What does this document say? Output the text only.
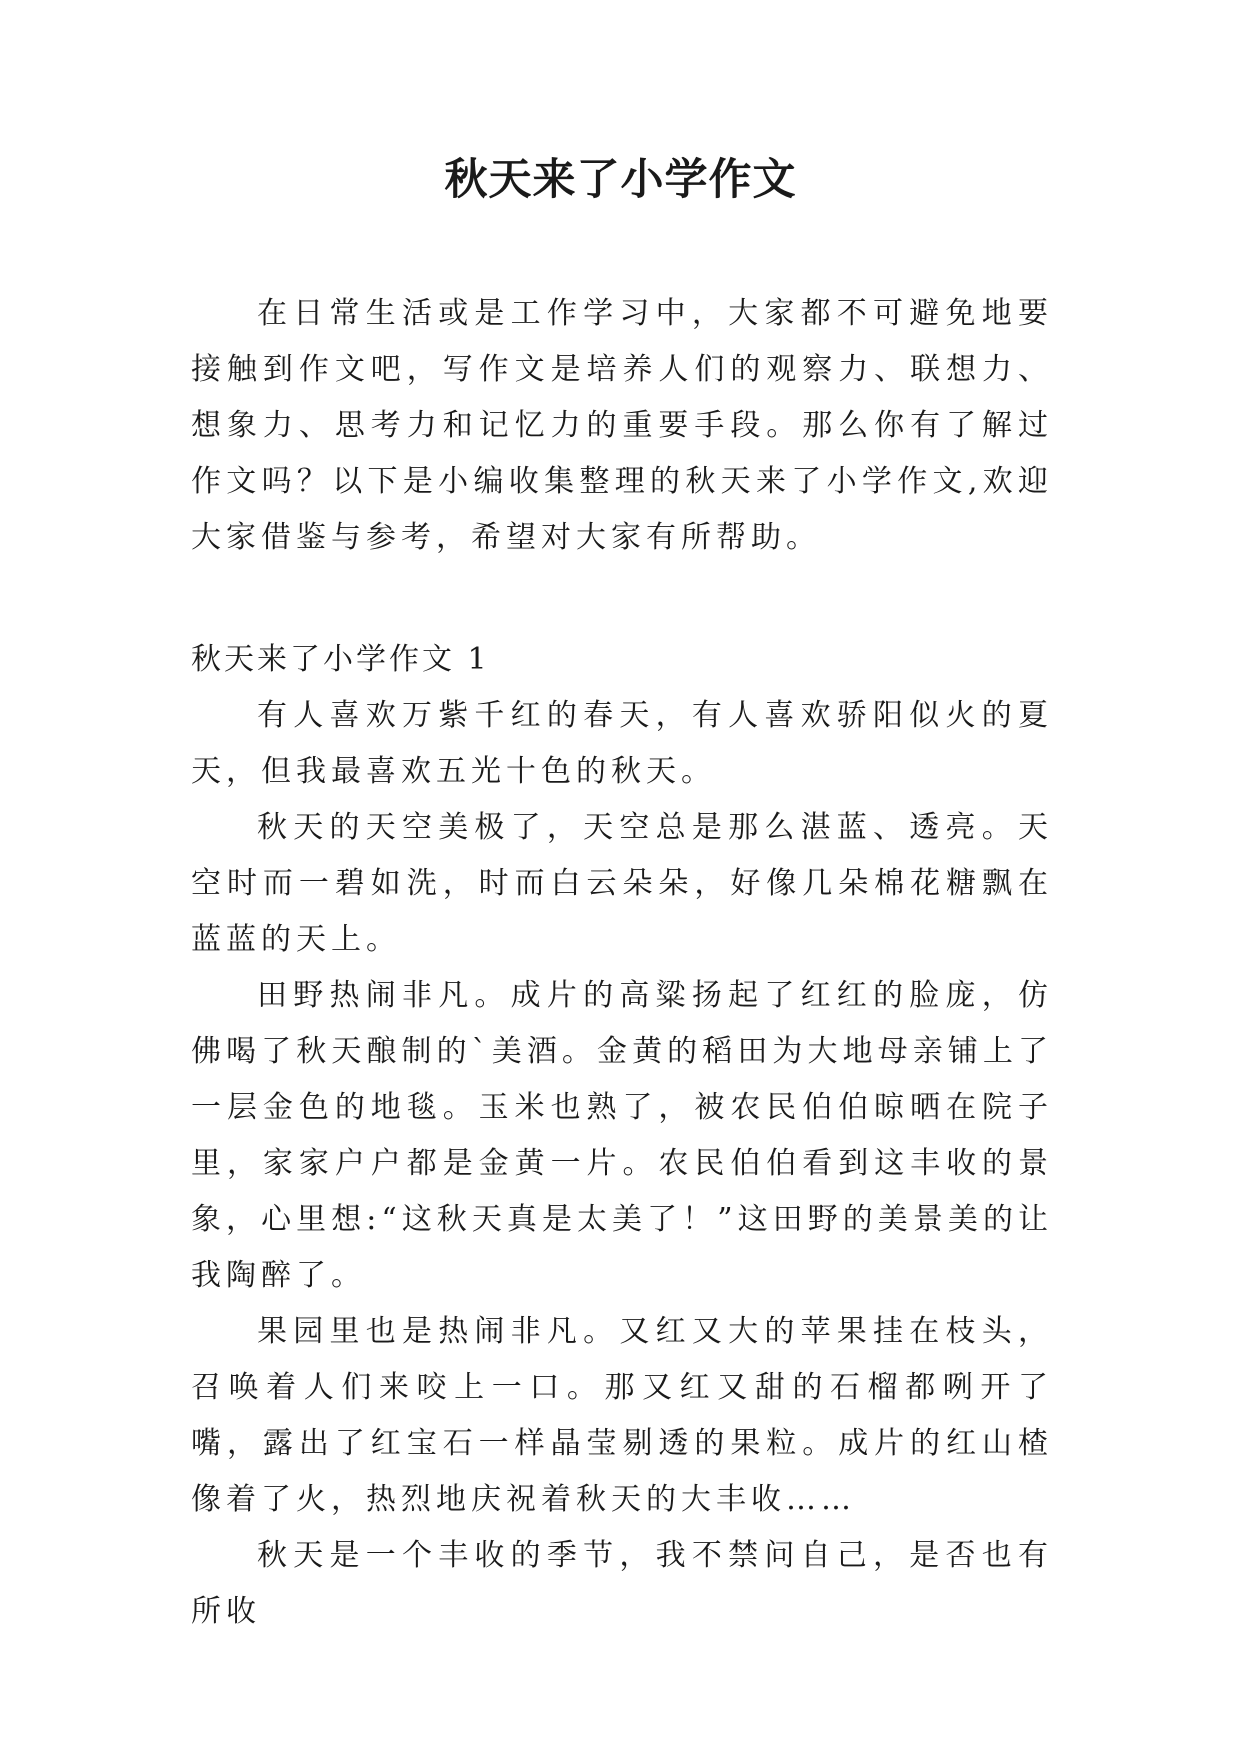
秋天来了小学作文

在日常生活或是工作学习中，大家都不可避免地要接触到作文吧，写作文是培养人们的观察力、联想力、想象力、思考力和记忆力的重要手段。那么你有了解过作文吗？以下是小编收集整理的秋天来了小学作文,欢迎大家借鉴与参考，希望对大家有所帮助。

秋天来了小学作文 1

有人喜欢万紫千红的春天，有人喜欢骄阳似火的夏天，但我最喜欢五光十色的秋天。

秋天的天空美极了，天空总是那么湛蓝、透亮。天空时而一碧如洗，时而白云朵朵，好像几朵棉花糖飘在蓝蓝的天上。

田野热闹非凡。成片的高粱扬起了红红的脸庞，仿佛喝了秋天酿制的`美酒。金黄的稻田为大地母亲铺上了一层金色的地毯。玉米也熟了，被农民伯伯晾晒在院子里，家家户户都是金黄一片。农民伯伯看到这丰收的景象，心里想:“这秋天真是太美了！”这田野的美景美的让我陶醉了。

果园里也是热闹非凡。又红又大的苹果挂在枝头，召唤着人们来咬上一口。那又红又甜的石榴都咧开了嘴，露出了红宝石一样晶莹剔透的果粒。成片的红山楂像着了火，热烈地庆祝着秋天的大丰收……

秋天是一个丰收的季节，我不禁问自己，是否也有所收
